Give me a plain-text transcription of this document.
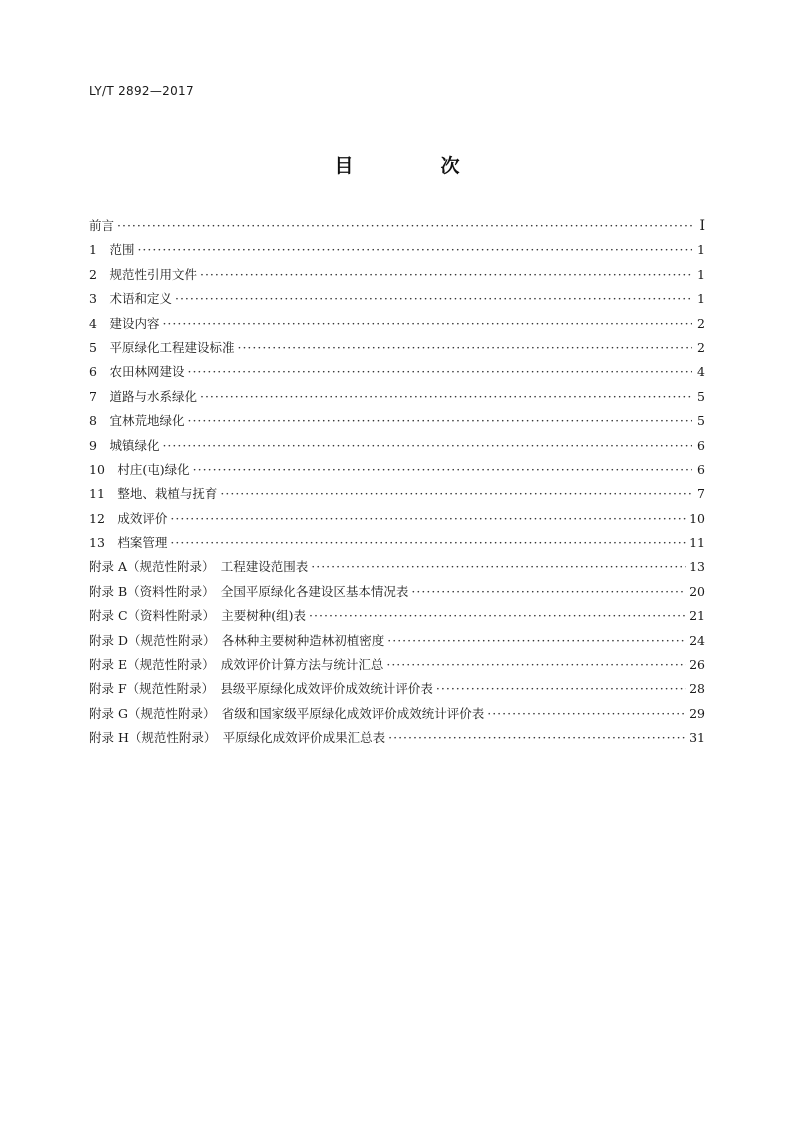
LY/T 2892—2017
目　次
前言 ·····	Ⅰ
1　范围 ·····	1
2　规范性引用文件 ·····	1
3　术语和定义 ·····	1
4　建设内容 ·····	2
5　平原绿化工程建设标准 ·····	2
6　农田林网建设 ·····	4
7　道路与水系绿化 ·····	5
8　宜林荒地绿化 ·····	5
9　城镇绿化 ·····	6
10　村庄(屯)绿化 ·····	6
11　整地、栽植与抚育 ·····	7
12　成效评价 ·····	10
13　档案管理 ·····	11
附录 A（规范性附录）　工程建设范围表 ·····	13
附录 B（资料性附录）　全国平原绿化各建设区基本情况表 ·····	20
附录 C（资料性附录）　主要树种(组)表 ·····	21
附录 D（规范性附录）　各林种主要树种造林初植密度 ·····	24
附录 E（规范性附录）　成效评价计算方法与统计汇总 ·····	26
附录 F（规范性附录）　县级平原绿化成效评价成效统计评价表 ·····	28
附录 G（规范性附录）　省级和国家级平原绿化成效评价成效统计评价表 ·····	29
附录 H（规范性附录）　平原绿化成效评价成果汇总表 ·····	31
